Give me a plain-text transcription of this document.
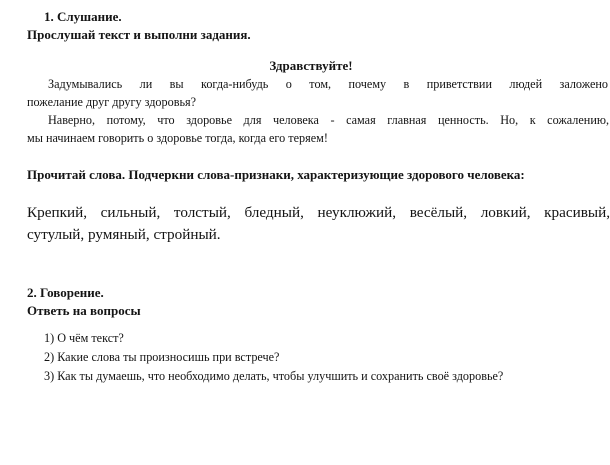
1. Слушание.
Прослушай текст и выполни задания.
Здравствуйте!
Задумывались ли вы когда-нибудь о том, почему в приветствии людей заложено
пожелание друг другу здоровья?
Наверно, потому, что здоровье для человека - самая главная ценность. Но, к сожалению,
мы начинаем говорить о здоровье тогда, когда его теряем!
Прочитай слова. Подчеркни слова-признаки, характеризующие здорового человека:
Крепкий, сильный, толстый, бледный, неуклюжий, весёлый, ловкий, красивый,
сутулый, румяный, стройный.
2. Говорение.
Ответь на вопросы
1) О чём текст?
2) Какие слова ты произносишь при встрече?
3) Как ты думаешь, что необходимо делать, чтобы улучшить и сохранить своё здоровье?
